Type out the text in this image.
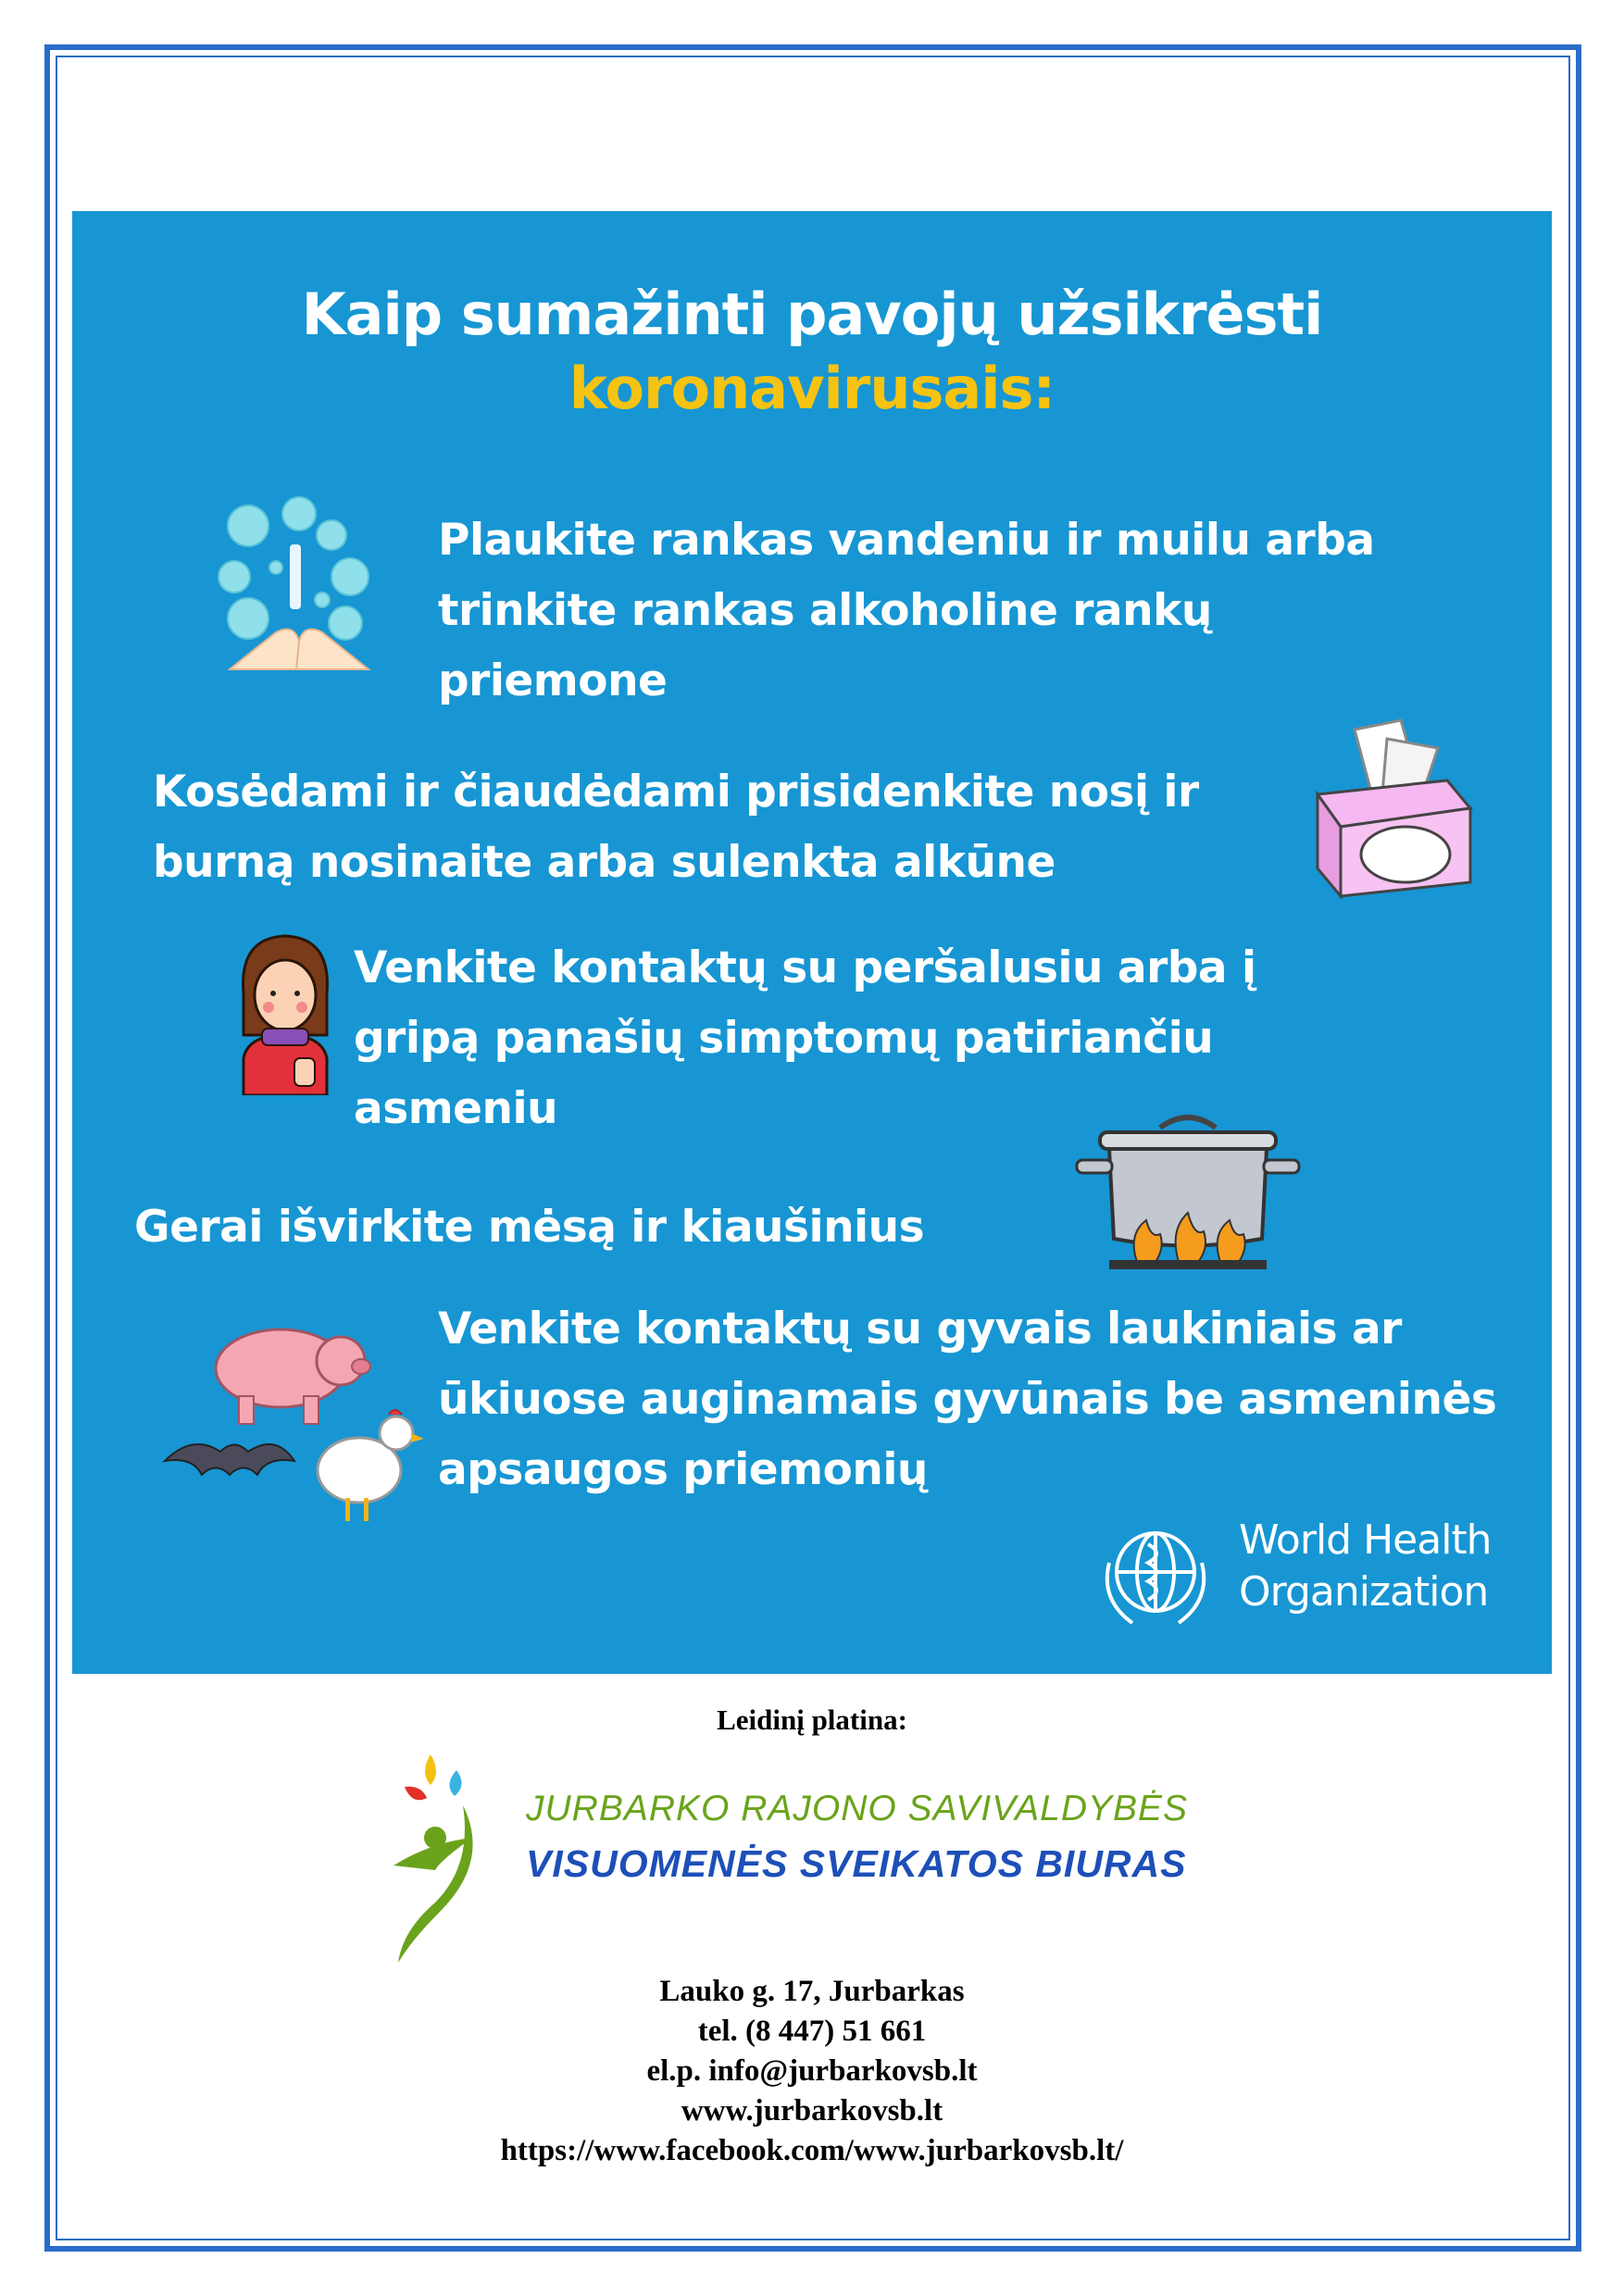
Kaip sumažinti pavojų užsikrėsti
koronavirusais:
Plaukite rankas vandeniu ir muilu arba trinkite rankas alkoholine rankų priemone
Kosėdami ir čiaudėdami prisidenkite nosį ir burną nosinaite arba sulenkta alkūne
Venkite kontaktų su peršalusiu arba į gripą panašių simptomų patiriančiu asmeniu
Gerai išvirkite mėsą ir kiaušinius
Venkite kontaktų su gyvais laukiniais ar ūkiuose auginamais gyvūnais be asmeninės apsaugos priemonių
World Health
Organization
Leidinį platina:
JURBARKO RAJONO SAVIVALDYBĖS
VISUOMENĖS SVEIKATOS BIURAS
Lauko g. 17, Jurbarkas
tel. (8 447) 51 661
el.p. info@jurbarkovsb.lt
www.jurbarkovsb.lt
https://www.facebook.com/www.jurbarkovsb.lt/
